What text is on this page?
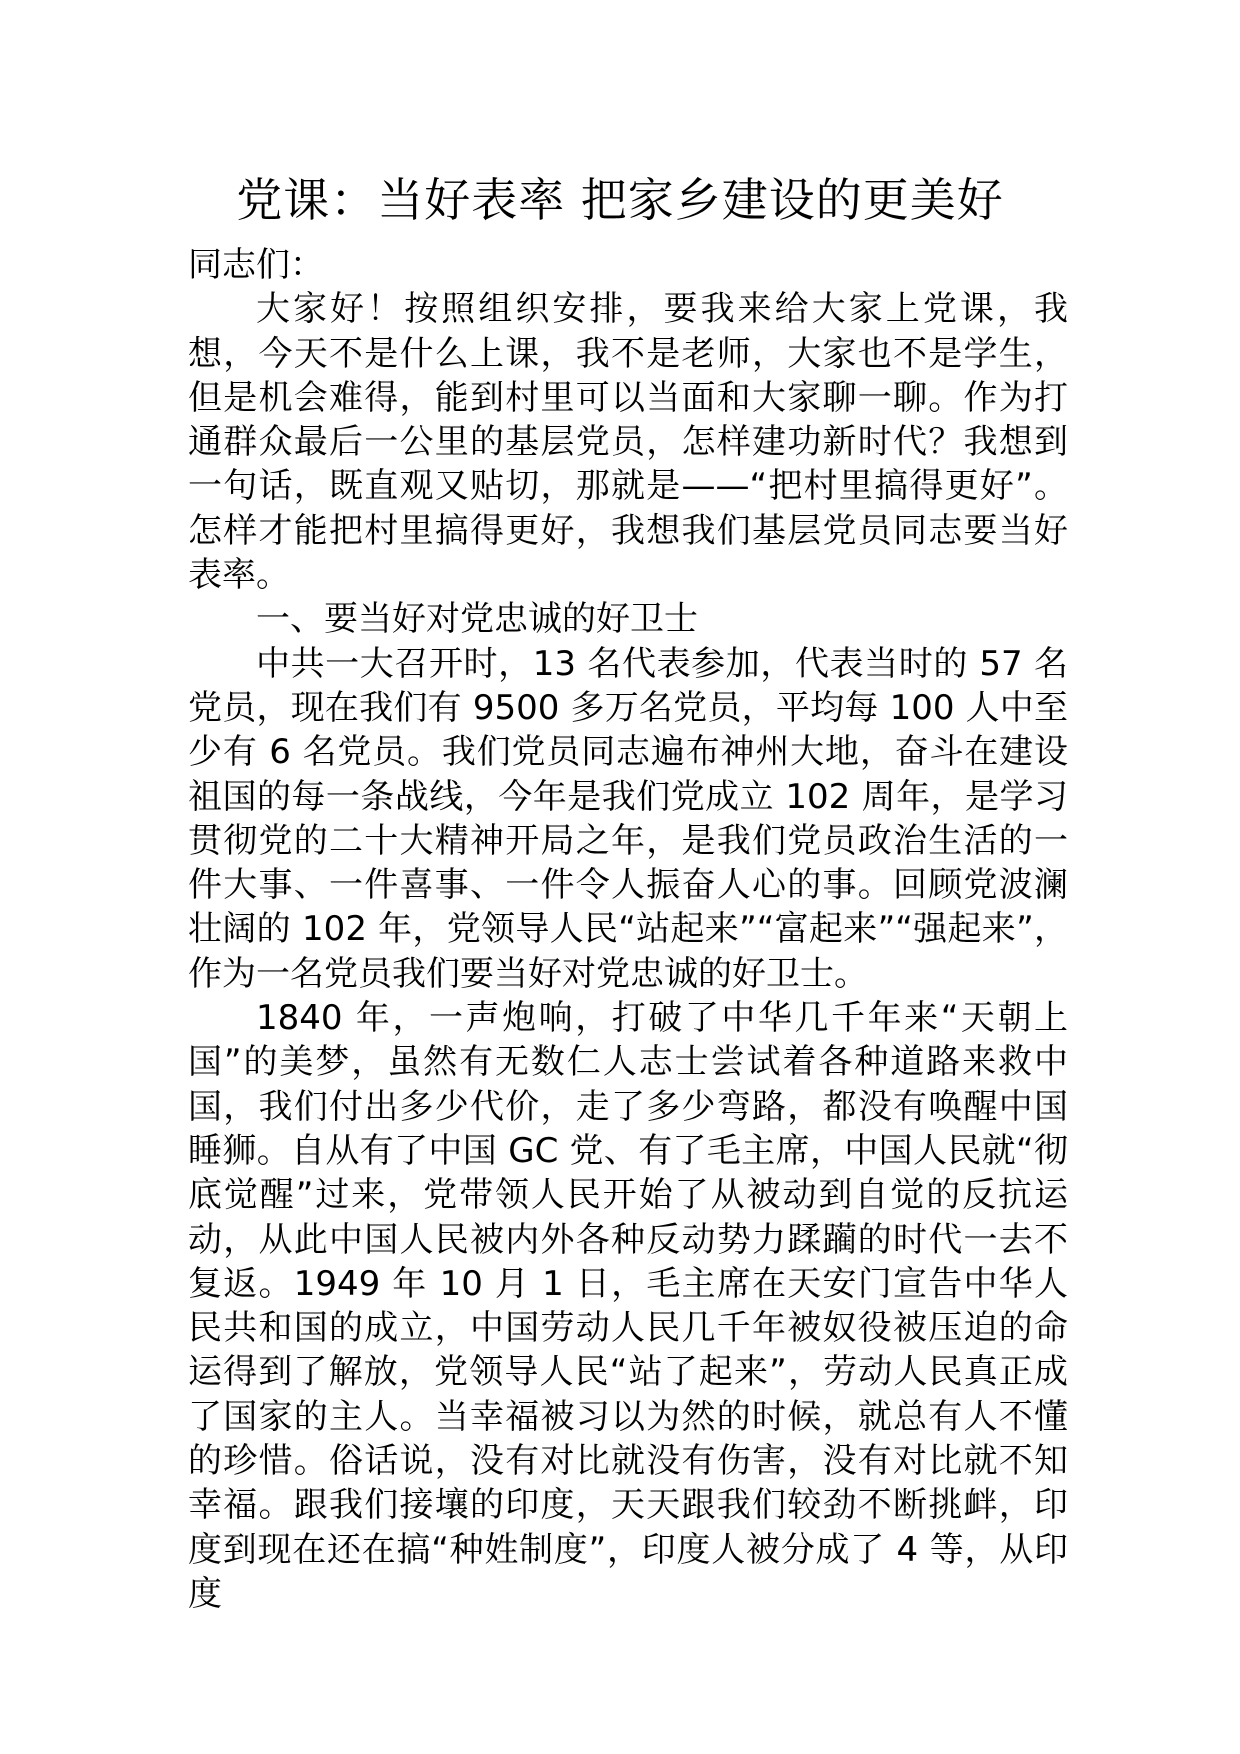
党课：当好表率 把家乡建设的更美好

同志们：

大家好！按照组织安排，要我来给大家上党课，我想，今天不是什么上课，我不是老师，大家也不是学生，但是机会难得，能到村里可以当面和大家聊一聊。作为打通群众最后一公里的基层党员，怎样建功新时代？我想到一句话，既直观又贴切，那就是——“把村里搞得更好”。怎样才能把村里搞得更好，我想我们基层党员同志要当好表率。

一、要当好对党忠诚的好卫士

中共一大召开时，13 名代表参加，代表当时的 57 名党员，现在我们有 9500 多万名党员，平均每 100 人中至少有 6 名党员。我们党员同志遍布神州大地，奋斗在建设祖国的每一条战线，今年是我们党成立 102 周年，是学习贯彻党的二十大精神开局之年，是我们党员政治生活的一件大事、一件喜事、一件令人振奋人心的事。回顾党波澜壮阔的 102 年，党领导人民“站起来”“富起来”“强起来”，作为一名党员我们要当好对党忠诚的好卫士。

1840 年，一声炮响，打破了中华几千年来“天朝上国”的美梦，虽然有无数仁人志士尝试着各种道路来救中国，我们付出多少代价，走了多少弯路，都没有唤醒中国睡狮。自从有了中国 GC 党、有了毛主席，中国人民就“彻底觉醒”过来，党带领人民开始了从被动到自觉的反抗运动，从此中国人民被内外各种反动势力蹂躏的时代一去不复返。1949 年 10 月 1 日，毛主席在天安门宣告中华人民共和国的成立，中国劳动人民几千年被奴役被压迫的命运得到了解放，党领导人民“站了起来”，劳动人民真正成了国家的主人。当幸福被习以为然的时候，就总有人不懂的珍惜。俗话说，没有对比就没有伤害，没有对比就不知幸福。跟我们接壤的印度，天天跟我们较劲不断挑衅，印度到现在还在搞“种姓制度”，印度人被分成了 4 等，从印度
